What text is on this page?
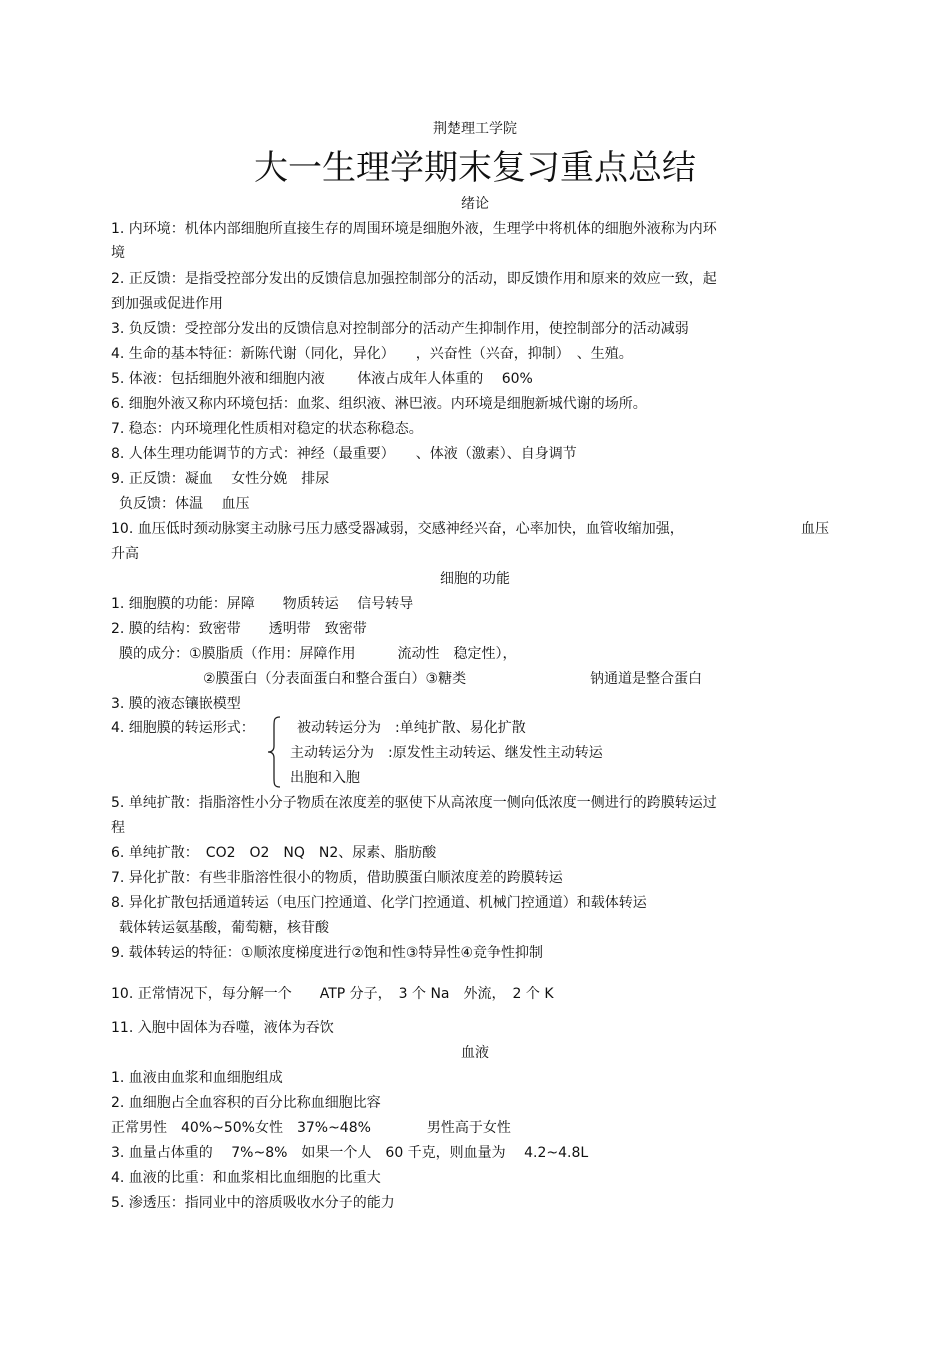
荆楚理工学院
大一生理学期末复习重点总结
绪论
1. 内环境：机体内部细胞所直接生存的周围环境是细胞外液，生理学中将机体的细胞外液称为内环
境
2. 正反馈：是指受控部分发出的反馈信息加强控制部分的活动，即反馈作用和原来的效应一致，起
到加强或促进作用
3. 负反馈：受控部分发出的反馈信息对控制部分的活动产生抑制作用，使控制部分的活动减弱
4. 生命的基本特征：新陈代谢（同化，异化）　　，兴奋性（兴奋，抑制）　、生殖。
5. 体液：包括细胞外液和细胞内液　　 体液占成年人体重的　 60%
6. 细胞外液又称内环境包括：血浆、组织液、淋巴液。内环境是细胞新城代谢的场所。
7. 稳态：内环境理化性质相对稳定的状态称稳态。
8. 人体生理功能调节的方式：神经（最重要）　　、体液（激素）、自身调节
9. 正反馈：凝血　 女性分娩　排尿
负反馈：体温　 血压
10. 血压低时颈动脉窦主动脉弓压力感受器减弱，交感神经兴奋，心率加快，血管收缩加强，	血压
升高
细胞的功能
1. 细胞膜的功能：屏障　　物质转运　 信号转导
2. 膜的结构：致密带　　透明带　致密带
膜的成分：①膜脂质（作用：屏障作用　　　流动性　稳定性），
②膜蛋白（分表面蛋白和整合蛋白）③糖类	钠通道是整合蛋白
3. 膜的液态镶嵌模型
4. 细胞膜的转运形式：	被动转运分为　:单纯扩散、易化扩散
主动转运分为　:原发性主动转运、继发性主动转运
出胞和入胞
5. 单纯扩散：指脂溶性小分子物质在浓度差的驱使下从高浓度一侧向低浓度一侧进行的跨膜转运过
程
6. 单纯扩散：　CO2　O2　NQ　N2、尿素、脂肪酸
7. 异化扩散：有些非脂溶性很小的物质，借助膜蛋白顺浓度差的跨膜转运
8. 异化扩散包括通道转运（电压门控通道、化学门控通道、机械门控通道）和载体转运
载体转运氨基酸，葡萄糖，核苷酸
9. 载体转运的特征：①顺浓度梯度进行②饱和性③特异性④竞争性抑制
10. 正常情况下，每分解一个　　ATP 分子，　3 个 Na　外流，　2 个 K
11. 入胞中固体为吞噬，液体为吞饮
血液
1. 血液由血浆和血细胞组成
2. 血细胞占全血容积的百分比称血细胞比容
正常男性　40%~50%女性　37%~48%　　　　男性高于女性
3. 血量占体重的　 7%~8%　如果一个人　60 千克，则血量为　 4.2~4.8L
4. 血液的比重：和血浆相比血细胞的比重大
5. 渗透压：指同业中的溶质吸收水分子的能力
